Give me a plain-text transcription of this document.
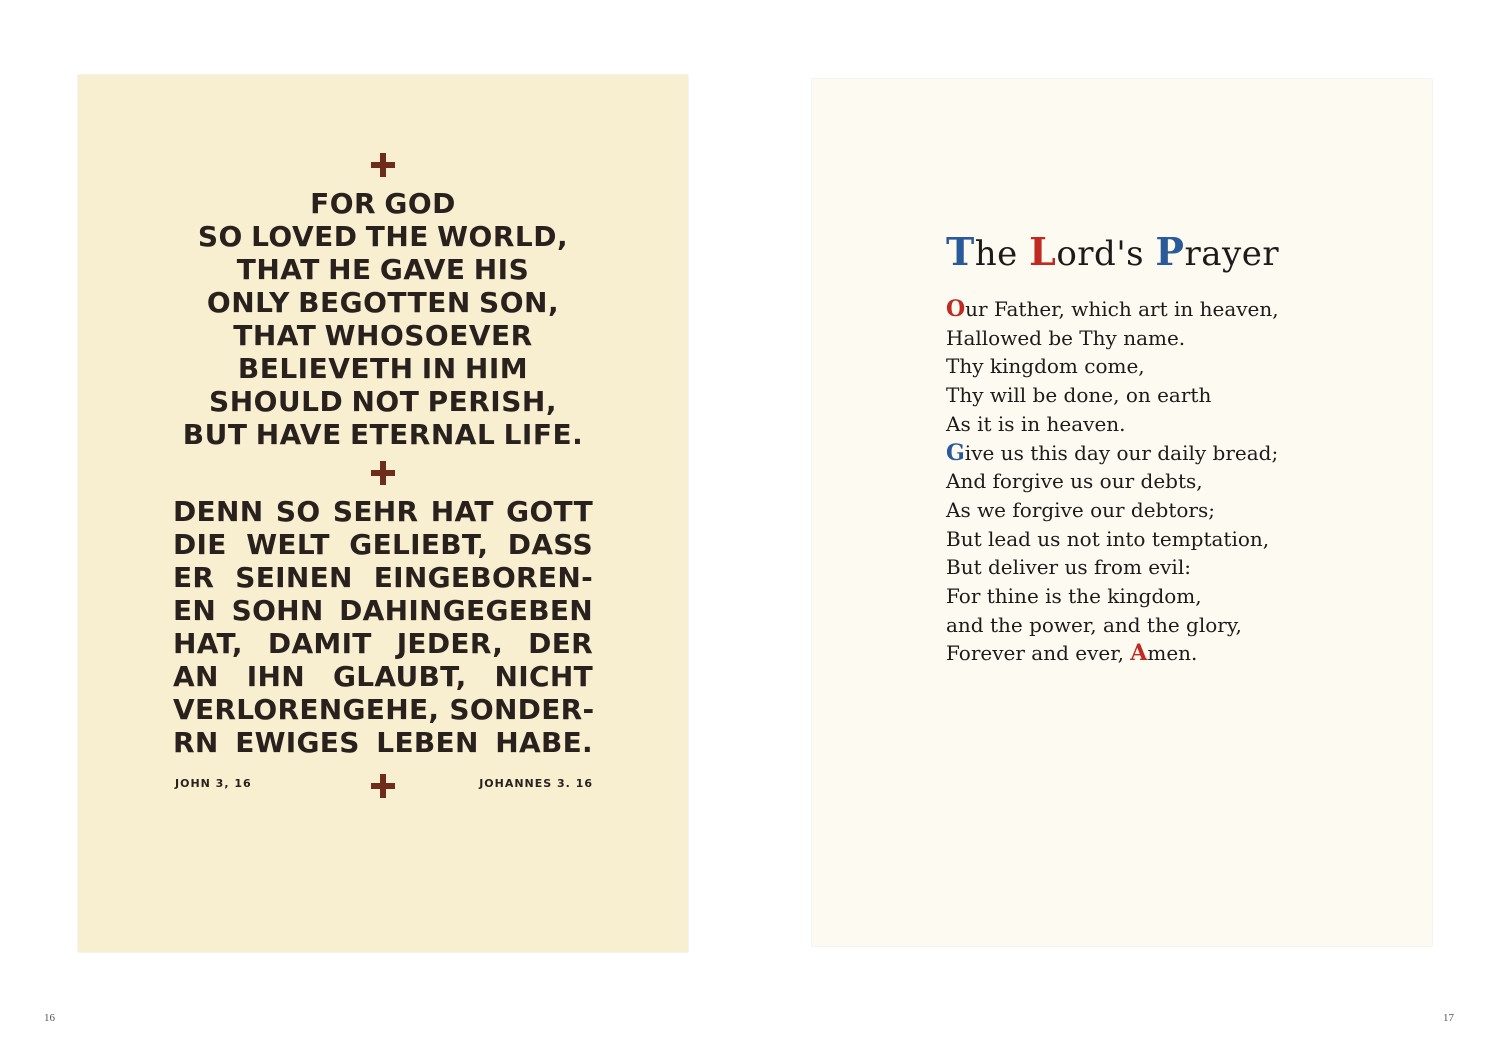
FOR GOD
SO LOVED THE WORLD,
THAT HE GAVE HIS
ONLY BEGOTTEN SON,
THAT WHOSOEVER
BELIEVETH IN HIM
SHOULD NOT PERISH,
BUT HAVE ETERNAL LIFE.
DENN SO SEHR HAT GOTT
DIE WELT GELIEBT, DASS
ER SEINEN EINGEBOREN-
EN SOHN DAHINGEGEBEN
HAT, DAMIT JEDER, DER
AN IHN GLAUBT, NICHT
VERLORENGEHE, SONDER-
RN EWIGES LEBEN HABE.
JOHN 3, 16	JOHANNES 3. 16
The Lord's Prayer
Our Father, which art in heaven,
Hallowed be Thy name.
Thy kingdom come,
Thy will be done, on earth
As it is in heaven.
Give us this day our daily bread;
And forgive us our debts,
As we forgive our debtors;
But lead us not into temptation,
But deliver us from evil:
For thine is the kingdom,
and the power, and the glory,
Forever and ever, Amen.
16	17
